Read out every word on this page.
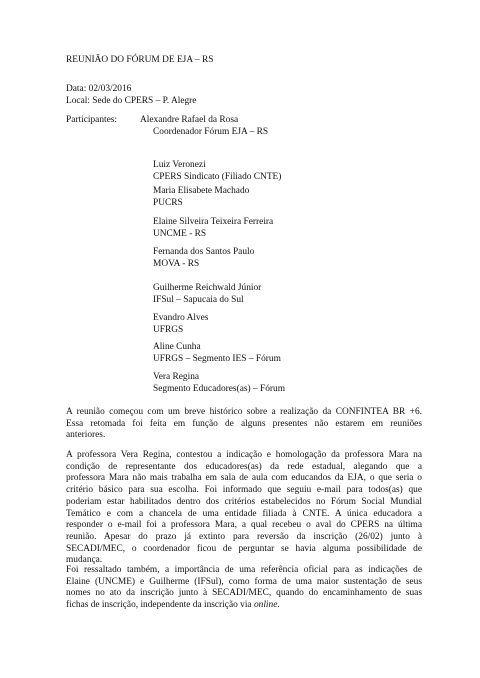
REUNIÃO DO FÓRUM DE EJA – RS
Data: 02/03/2016
Local: Sede do CPERS – P. Alegre
Participantes: Alexandre Rafael da Rosa
Coordenador Fórum EJA – RS
Luiz Veronezi
CPERS Sindicato (Filiado CNTE)
Maria Elisabete Machado
PUCRS
Elaine Silveira Teixeira Ferreira
UNCME - RS
Fernanda dos Santos Paulo
MOVA - RS
Guilherme Reichwald Júnior
IFSul – Sapucaia do Sul
Evandro Alves
UFRGS
Aline Cunha
UFRGS – Segmento IES – Fórum
Vera Regina
Segmento Educadores(as) – Fórum
A reunião começou com um breve histórico sobre a realização da CONFINTEA BR +6.
Essa retomada foi feita em função de alguns presentes não estarem em reuniões
anteriores.
A professora Vera Regina, contestou a indicação e homologação da professora Mara na
condição de representante dos educadores(as) da rede estadual, alegando que a
professora Mara não mais trabalha em sala de aula com educandos da EJA, o que seria o
critério básico para sua escolha. Foi informado que seguiu e-mail para todos(as) que
poderiam estar habilitados dentro dos critérios estabelecidos no Fórum Social Mundial
Temático e com a chancela de uma entidade filiada à CNTE. A única educadora a
responder o e-mail foi a professora Mara, a qual recebeu o aval do CPERS na última
reunião. Apesar do prazo já extinto para reversão da inscrição (26/02) junto à
SECADI/MEC, o coordenador ficou de perguntar se havia alguma possibilidade de
mudança.
Foi ressaltado também, a importância de uma referência oficial para as indicações de
Elaine (UNCME) e Guilherme (IFSul), como forma de uma maior sustentação de seus
nomes no ato da inscrição junto à SECADI/MEC, quando do encaminhamento de suas
fichas de inscrição, independente da inscrição via online.
